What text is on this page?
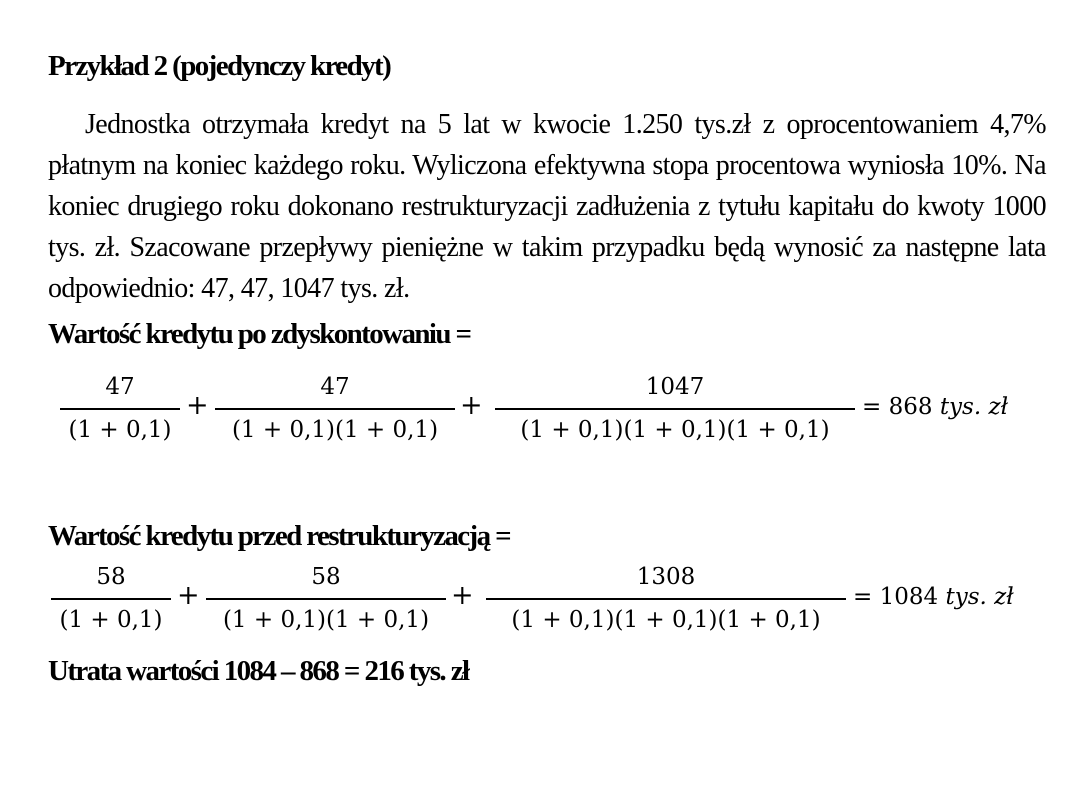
Przykład 2 (pojedynczy kredyt)

Jednostka otrzymała kredyt na 5 lat w kwocie 1.250 tys.zł z oprocentowaniem 4,7% płatnym na koniec każdego roku. Wyliczona efektywna stopa procentowa wyniosła 10%. Na koniec drugiego roku dokonano restrukturyzacji zadłużenia z tytułu kapitału do kwoty 1000 tys. zł. Szacowane przepływy pieniężne w takim przypadku będą wynosić za następne lata odpowiednio: 47, 47, 1047 tys. zł.

Wartość kredytu po zdyskontowaniu =
47
(1 + 0,1)
+
47
(1 + 0,1)(1 + 0,1)
+
1047
(1 + 0,1)(1 + 0,1)(1 + 0,1)
= 868 tys. zł
Wartość kredytu przed restrukturyzacją =
58
(1 + 0,1)
+
58
(1 + 0,1)(1 + 0,1)
+
1308
(1 + 0,1)(1 + 0,1)(1 + 0,1)
= 1084 tys. zł
Utrata wartości 1084 – 868 = 216 tys. zł
